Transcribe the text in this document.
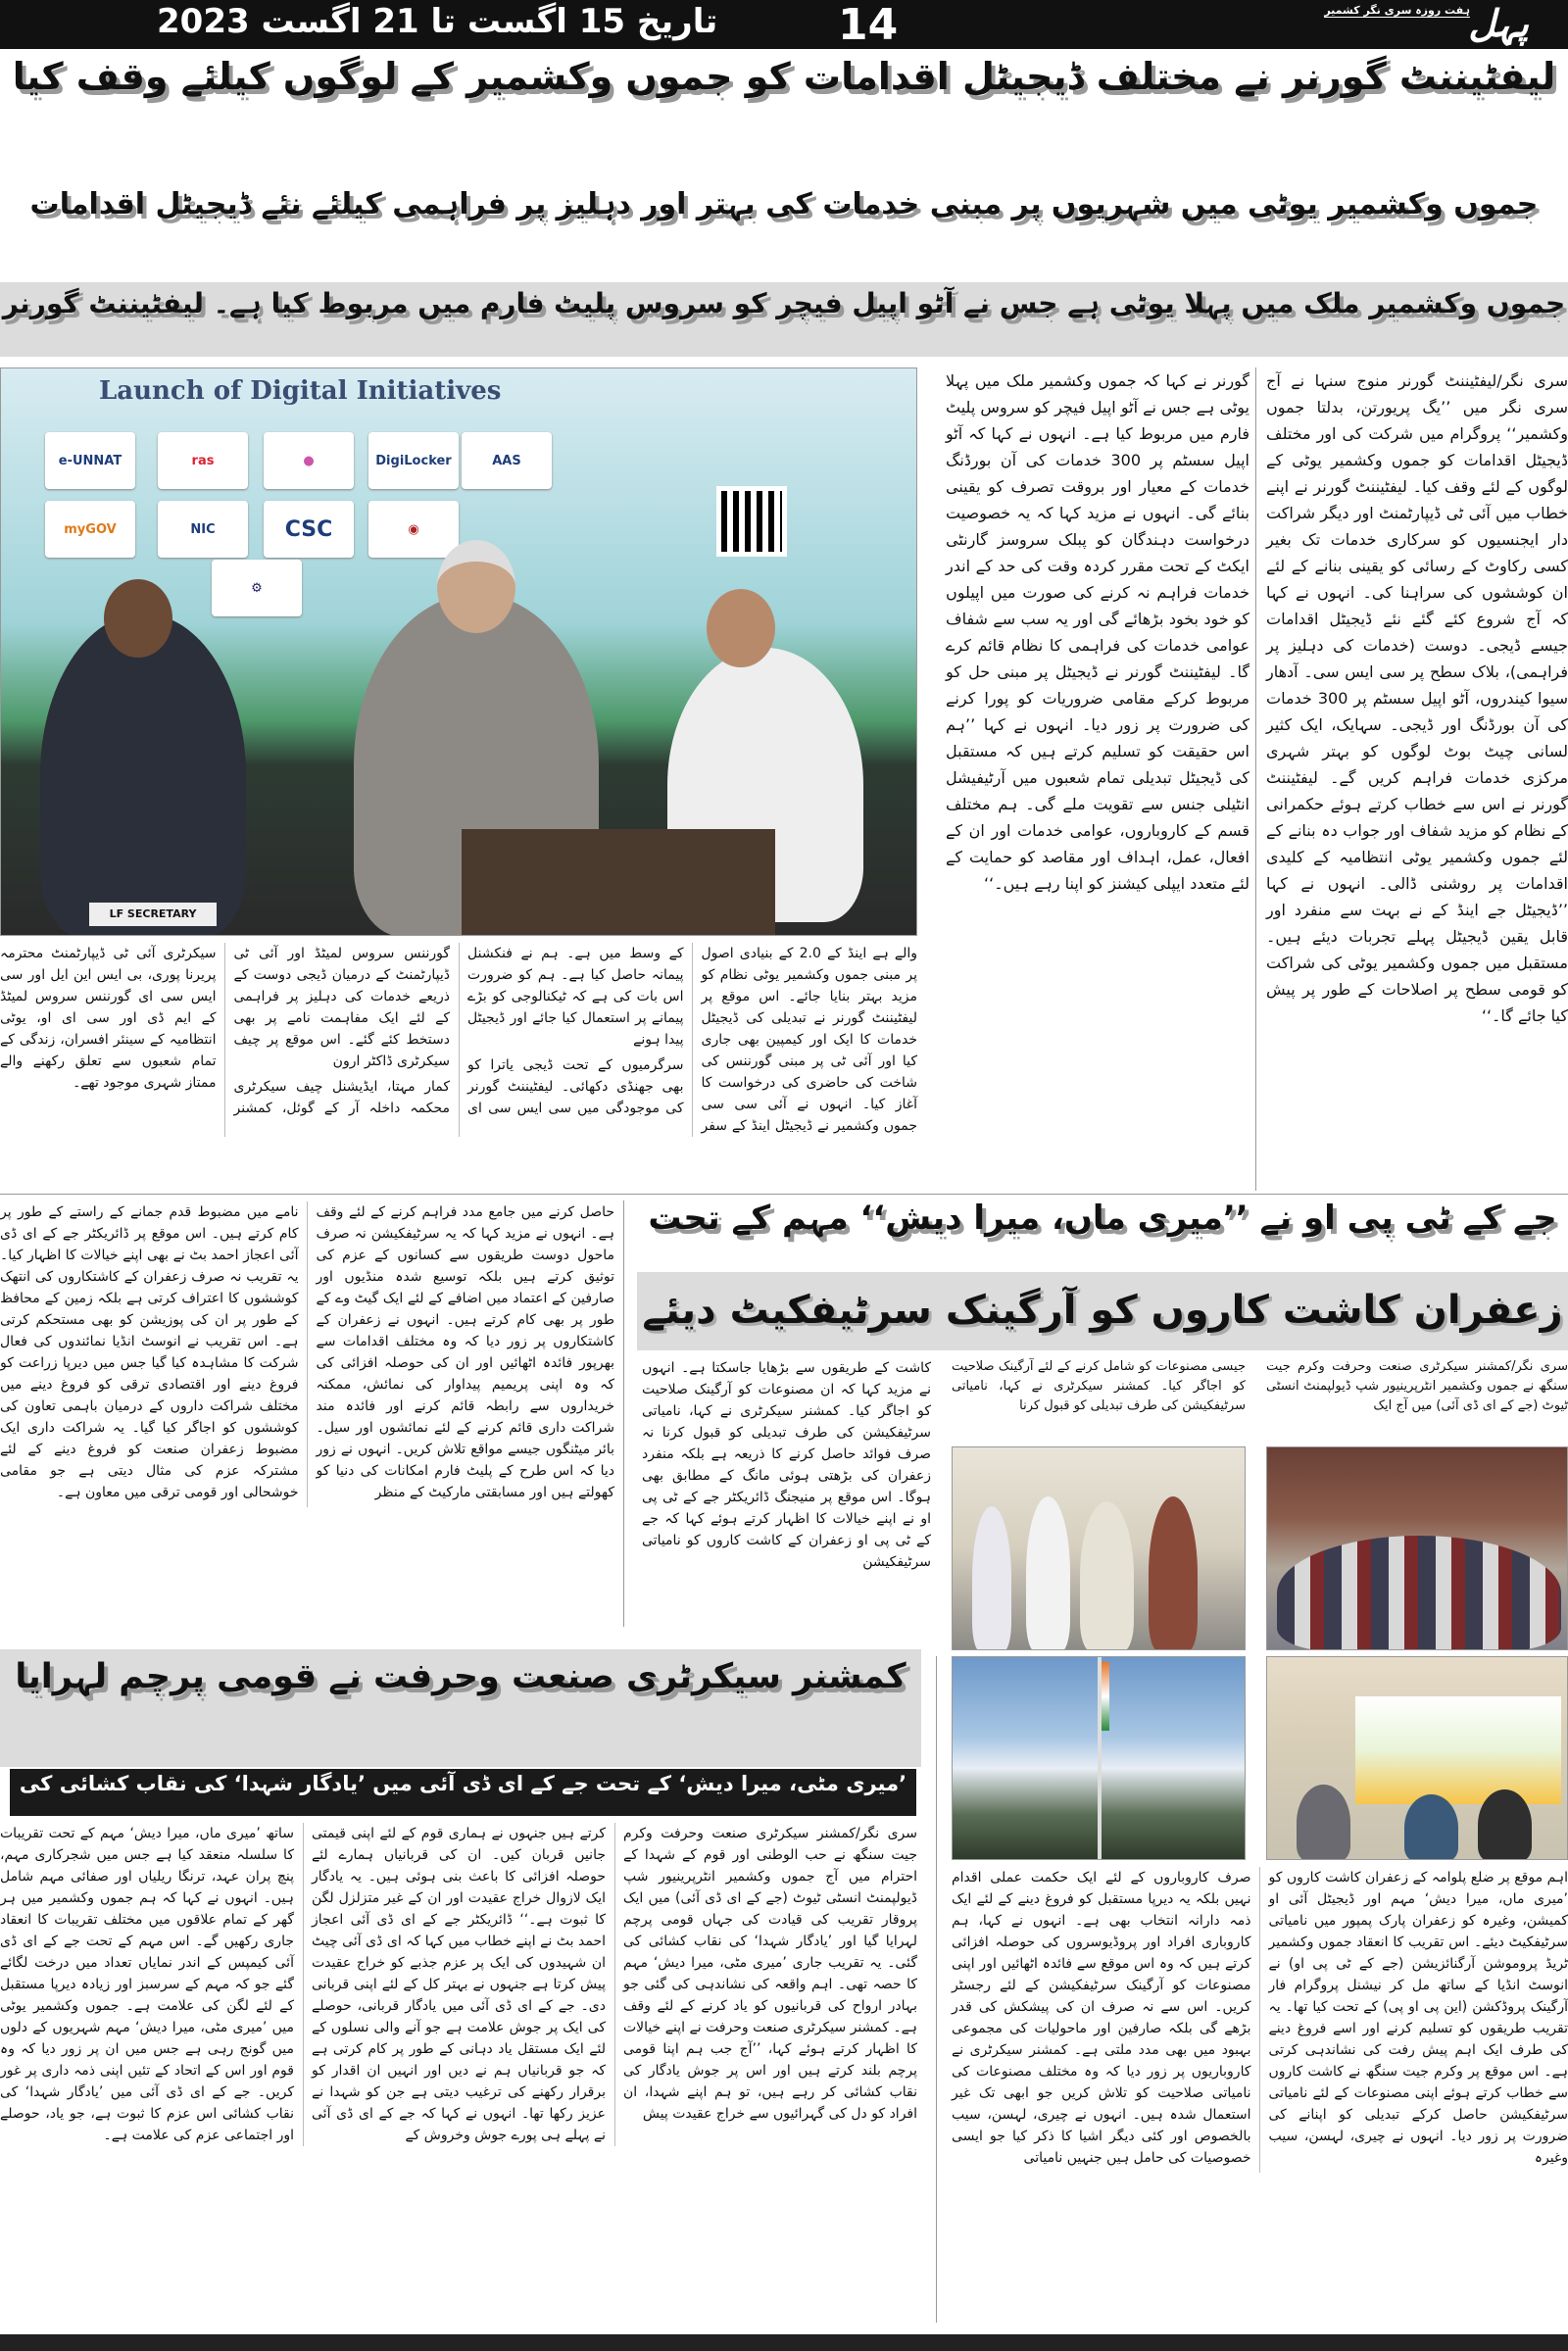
تاریخ 15 اگست تا 21 اگست 2023	14	ہفت روزہ سری نگر کشمیر
پہل
لیفٹیننٹ گورنر نے مختلف ڈیجیٹل اقدامات کو جموں وکشمیر کے لوگوں کیلئے وقف کیا
جموں وکشمیر یوٹی میں شہریوں پر مبنی خدمات کی بہتر اور دہلیز پر فراہمی کیلئے نئے ڈیجیٹل اقدامات
جموں وکشمیر ملک میں پہلا یوٹی ہے جس نے آٹو اپیل فیچر کو سروس پلیٹ فارم میں مربوط کیا ہے۔ لیفٹیننٹ گورنر
Launch of Digital Initiatives
e-UNNAT	ras	●	DigiLocker	AAS
myGOV	NIC	CSC	◉
⚙
LF SECRETARY

سری نگر/لیفٹیننٹ گورنر منوج سنہا نے آج سری نگر میں ’’یگ پریورتن، بدلتا جموں وکشمیر‘‘ پروگرام میں شرکت کی اور مختلف ڈیجیٹل اقدامات کو جموں وکشمیر یوٹی کے لوگوں کے لئے وقف کیا۔ لیفٹیننٹ گورنر نے اپنے خطاب میں آئی ٹی ڈیپارٹمنٹ اور دیگر شراکت دار ایجنسیوں کو سرکاری خدمات تک بغیر کسی رکاوٹ کے رسائی کو یقینی بنانے کے لئے ان کوششوں کی سراہنا کی۔ انہوں نے کہا کہ آج شروع کئے گئے نئے ڈیجیٹل اقدامات جیسے ڈیجی۔ دوست (خدمات کی دہلیز پر فراہمی)، بلاک سطح پر سی ایس سی۔ آدھار سیوا کیندروں، آٹو اپیل سسٹم پر 300 خدمات کی آن بورڈنگ اور ڈیجی۔ سہایک، ایک کثیر لسانی چیٹ بوٹ لوگوں کو بہتر شہری مرکزی خدمات فراہم کریں گے۔ لیفٹیننٹ گورنر نے اس سے خطاب کرتے ہوئے حکمرانی کے نظام کو مزید شفاف اور جواب دہ بنانے کے لئے جموں وکشمیر یوٹی انتظامیہ کے کلیدی اقدامات پر روشنی ڈالی۔ انہوں نے کہا ’’ڈیجیٹل جے اینڈ کے نے بہت سے منفرد اور قابل یقین ڈیجیٹل پہلے تجربات دیئے ہیں۔ مستقبل میں جموں وکشمیر یوٹی کی شراکت کو قومی سطح پر اصلاحات کے طور پر پیش کیا جائے گا۔‘‘

گورنر نے کہا کہ جموں وکشمیر ملک میں پہلا یوٹی ہے جس نے آٹو اپیل فیچر کو سروس پلیٹ فارم میں مربوط کیا ہے۔ انہوں نے کہا کہ آٹو اپیل سسٹم پر 300 خدمات کی آن بورڈنگ خدمات کے معیار اور بروقت تصرف کو یقینی بنائے گی۔ انہوں نے مزید کہا کہ یہ خصوصیت درخواست دہندگان کو پبلک سروسز گارنٹی ایکٹ کے تحت مقرر کردہ وقت کی حد کے اندر خدمات فراہم نہ کرنے کی صورت میں اپیلوں کو خود بخود بڑھائے گی اور یہ سب سے شفاف عوامی خدمات کی فراہمی کا نظام قائم کرے گا۔ لیفٹیننٹ گورنر نے ڈیجیٹل پر مبنی حل کو مربوط کرکے مقامی ضروریات کو پورا کرنے کی ضرورت پر زور دیا۔ انہوں نے کہا ’’ہم اس حقیقت کو تسلیم کرتے ہیں کہ مستقبل کی ڈیجیٹل تبدیلی تمام شعبوں میں آرٹیفیشل انٹیلی جنس سے تقویت ملے گی۔ ہم مختلف قسم کے کاروباروں، عوامی خدمات اور ان کے افعال، عمل، اہداف اور مقاصد کو حمایت کے لئے متعدد ایپلی کیشنز کو اپنا رہے ہیں۔‘‘

والے ہے اینڈ کے 2.0 کے بنیادی اصول پر مبنی جموں وکشمیر یوٹی نظام کو مزید بہتر بنایا جائے۔ اس موقع پر لیفٹیننٹ گورنر نے تبدیلی کی ڈیجیٹل خدمات کا ایک اور کیمپین بھی جاری کیا اور آئی ٹی پر مبنی گورننس کی شاخت کی حاضری کی درخواست کا آغاز کیا۔ انہوں نے آئی سی سی جموں وکشمیر نے ڈیجیٹل اینڈ کے سفر کے وسط میں ہے۔ ہم نے فنکشنل پیمانہ حاصل کیا ہے۔ ہم کو ضرورت اس بات کی ہے کہ ٹیکنالوجی کو بڑے پیمانے پر استعمال کیا جائے اور ڈیجیٹل پیدا ہونے

سرگرمیوں کے تحت ڈیجی یاترا کو بھی جھنڈی دکھائی۔ لیفٹیننٹ گورنر کی موجودگی میں سی ایس سی ای گورننس سروس لمیٹڈ اور آئی ٹی ڈیپارٹمنٹ کے درمیان ڈیجی دوست کے ذریعے خدمات کی دہلیز پر فراہمی کے لئے ایک مفاہمت نامے پر بھی دستخط کئے گئے۔ اس موقع پر چیف سیکرٹری ڈاکٹر ارون

کمار مہتا، ایڈیشنل چیف سیکرٹری محکمہ داخلہ آر کے گوئل، کمشنر سیکرٹری آئی ٹی ڈیپارٹمنٹ محترمہ پریرنا پوری، بی ایس این ایل اور سی ایس سی ای گورننس سروس لمیٹڈ کے ایم ڈی اور سی ای او، یوٹی انتظامیہ کے سینئر افسران، زندگی کے تمام شعبوں سے تعلق رکھنے والے ممتاز شہری موجود تھے۔

جے کے ٹی پی او نے ’’میری ماں، میرا دیش‘‘ مہم کے تحت
زعفران کاشت کاروں کو آرگینک سرٹیفکیٹ دیئے

حاصل کرنے میں جامع مدد فراہم کرنے کے لئے وقف ہے۔ انہوں نے مزید کہا کہ یہ سرٹیفکیشن نہ صرف ماحول دوست طریقوں سے کسانوں کے عزم کی توثیق کرتے ہیں بلکہ توسیع شدہ منڈیوں اور صارفین کے اعتماد میں اضافے کے لئے ایک گیٹ وے کے طور پر بھی کام کرتے ہیں۔ انہوں نے زعفران کے کاشتکاروں پر زور دیا کہ وہ مختلف اقدامات سے بھرپور فائدہ اٹھائیں اور ان کی حوصلہ افزائی کی کہ وہ اپنی پریمیم پیداوار کی نمائش، ممکنہ خریداروں سے رابطہ قائم کرنے اور فائدہ مند شراکت داری قائم کرنے کے لئے نمائشوں اور سیل۔ بائر میٹنگوں جیسے مواقع تلاش کریں۔ انہوں نے زور دیا کہ اس طرح کے پلیٹ فارم امکانات کی دنیا کو کھولتے ہیں اور مسابقتی مارکیٹ کے منظر

نامے میں مضبوط قدم جمانے کے راستے کے طور پر کام کرتے ہیں۔ اس موقع پر ڈائریکٹر جے کے ای ڈی آئی اعجاز احمد بٹ نے بھی اپنے خیالات کا اظہار کیا۔ یہ تقریب نہ صرف زعفران کے کاشتکاروں کی انتھک کوششوں کا اعتراف کرتی ہے بلکہ زمین کے محافظ کے طور پر ان کی پوزیشن کو بھی مستحکم کرتی ہے۔ اس تقریب نے انوسٹ انڈیا نمائندوں کی فعال شرکت کا مشاہدہ کیا گیا جس میں دیرپا زراعت کو فروغ دینے اور اقتصادی ترقی کو فروغ دینے میں مختلف شراکت داروں کے درمیان باہمی تعاون کی کوششوں کو اجاگر کیا گیا۔ یہ شراکت داری ایک مضبوط زعفران صنعت کو فروغ دینے کے لئے مشترکہ عزم کی مثال دیتی ہے جو مقامی خوشحالی اور قومی ترقی میں معاون ہے۔

کاشت کے طریقوں سے بڑھایا جاسکتا ہے۔ انہوں نے مزید کہا کہ ان مصنوعات کو آرگینک صلاحیت کو اجاگر کیا۔ کمشنر سیکرٹری نے کہا، نامیاتی سرٹیفکیشن کی طرف تبدیلی کو قبول کرنا نہ صرف فوائد حاصل کرنے کا ذریعہ ہے بلکہ منفرد زعفران کی بڑھتی ہوئی مانگ کے مطابق بھی ہوگا۔ اس موقع پر منیجنگ ڈائریکٹر جے کے ٹی پی او نے اپنے خیالات کا اظہار کرتے ہوئے کہا کہ جے کے ٹی پی او زعفران کے کاشت کاروں کو نامیاتی سرٹیفکیشن

جیسی مصنوعات کو شامل کرنے کے لئے آرگینک صلاحیت کو اجاگر کیا۔ کمشنر سیکرٹری نے کہا، نامیاتی سرٹیفکیشن کی طرف تبدیلی کو قبول کرنا

سری نگر/کمشنر سیکرٹری صنعت وحرفت وکرم جیت سنگھ نے جموں وکشمیر انٹرپرینیور شپ ڈیولپمنٹ انسٹی ٹیوٹ (جے کے ای ڈی آئی) میں آج ایک

کمشنر سیکرٹری صنعت وحرفت نے قومی پرچم لہرایا
’میری مٹی، میرا دیش‘ کے تحت جے کے ای ڈی آئی میں ’یادگار شہدا‘ کی نقاب کشائی کی

سری نگر/کمشنر سیکرٹری صنعت وحرفت وکرم جیت سنگھ نے حب الوطنی اور قوم کے شہدا کے احترام میں آج جموں وکشمیر انٹرپرینیور شپ ڈیولپمنٹ انسٹی ٹیوٹ (جے کے ای ڈی آئی) میں ایک پروقار تقریب کی قیادت کی جہاں قومی پرچم لہرایا گیا اور ’یادگار شہدا‘ کی نقاب کشائی کی گئی۔ یہ تقریب جاری ’میری مٹی، میرا دیش‘ مہم کا حصہ تھی۔ اہم واقعہ کی نشاندہی کی گئی جو بہادر ارواح کی قربانیوں کو یاد کرنے کے لئے وقف ہے۔ کمشنر سیکرٹری صنعت وحرفت نے اپنے خیالات کا اظہار کرتے ہوئے کہا، ’’آج جب ہم اپنا قومی پرچم بلند کرتے ہیں اور اس پر جوش یادگار کی نقاب کشائی کر رہے ہیں، تو ہم اپنے شہدا، ان افراد کو دل کی گہرائیوں سے خراج عقیدت پیش

کرتے ہیں جنہوں نے ہماری قوم کے لئے اپنی قیمتی جانیں قربان کیں۔ ان کی قربانیاں ہمارے لئے حوصلہ افزائی کا باعث بنی ہوئی ہیں۔ یہ یادگار ایک لازوال خراج عقیدت اور ان کے غیر متزلزل لگن کا ثبوت ہے۔‘‘ ڈائریکٹر جے کے ای ڈی آئی اعجاز احمد بٹ نے اپنے خطاب میں کہا کہ ای ڈی آئی چیٹ ان شہیدوں کی ایک پر عزم جذبے کو خراج عقیدت پیش کرتا ہے جنہوں نے بہتر کل کے لئے اپنی قربانی دی۔ جے کے ای ڈی آئی میں یادگار قربانی، حوصلے کی ایک پر جوش علامت ہے جو آنے والی نسلوں کے لئے ایک مستقل یاد دہانی کے طور پر کام کرتی ہے کہ جو قربانیاں ہم نے دیں اور انہیں ان اقدار کو برقرار رکھنے کی ترغیب دیتی ہے جن کو شہدا نے عزیز رکھا تھا۔ انہوں نے کہا کہ جے کے ای ڈی آئی نے پہلے ہی پورے جوش وخروش کے

ساتھ ’میری ماں، میرا دیش‘ مہم کے تحت تقریبات کا سلسلہ منعقد کیا ہے جس میں شجرکاری مہم، پنچ پران عہد، ترنگا ریلیاں اور صفائی مہم شامل ہیں۔ انہوں نے کہا کہ ہم جموں وکشمیر میں ہر گھر کے تمام علاقوں میں مختلف تقریبات کا انعقاد جاری رکھیں گے۔ اس مہم کے تحت جے کے ای ڈی آئی کیمپس کے اندر نمایاں تعداد میں درخت لگائے گئے جو کہ مہم کے سرسبز اور زیادہ دیرپا مستقبل کے لئے لگن کی علامت ہے۔ جموں وکشمیر یوٹی میں ’میری مٹی، میرا دیش‘ مہم شہریوں کے دلوں میں گونج رہی ہے جس میں ان پر زور دیا کہ وہ قوم اور اس کے اتحاد کے تئیں اپنی ذمہ داری پر غور کریں۔ جے کے ای ڈی آئی میں ’یادگار شہدا‘ کی نقاب کشائی اس عزم کا ثبوت ہے، جو یاد، حوصلے اور اجتماعی عزم کی علامت ہے۔

اہم موقع پر ضلع پلوامہ کے زعفران کاشت کاروں کو ’میری ماں، میرا دیش‘ مہم اور ڈیجیٹل آئی او کمیشن، وغیرہ کو زعفران پارک پمپور میں نامیاتی سرٹیفکیٹ دیئے۔ اس تقریب کا انعقاد جموں وکشمیر ٹریڈ پروموشن آرگنائزیشن (جے کے ٹی پی او) نے انوسٹ انڈیا کے ساتھ مل کر نیشنل پروگرام فار آرگینک پروڈکشن (این پی او پی) کے تحت کیا تھا۔ یہ تقریب طریقوں کو تسلیم کرنے اور اسے فروغ دینے کی طرف ایک اہم پیش رفت کی نشاندہی کرتی ہے۔ اس موقع پر وکرم جیت سنگھ نے کاشت کاروں سے خطاب کرتے ہوئے اپنی مصنوعات کے لئے نامیاتی سرٹیفکیشن حاصل کرکے تبدیلی کو اپنانے کی ضرورت پر زور دیا۔ انہوں نے چیری، لہسن، سیب وغیرہ

صرف کاروباروں کے لئے ایک حکمت عملی اقدام نہیں بلکہ یہ دیرپا مستقبل کو فروغ دینے کے لئے ایک ذمہ دارانہ انتخاب بھی ہے۔ انہوں نے کہا، ہم کاروباری افراد اور پروڈیوسروں کی حوصلہ افزائی کرتے ہیں کہ وہ اس موقع سے فائدہ اٹھائیں اور اپنی مصنوعات کو آرگینک سرٹیفکیشن کے لئے رجسٹر کریں۔ اس سے نہ صرف ان کی پیشکش کی قدر بڑھے گی بلکہ صارفین اور ماحولیات کی مجموعی بہبود میں بھی مدد ملتی ہے۔ کمشنر سیکرٹری نے کاروباریوں پر زور دیا کہ وہ مختلف مصنوعات کی نامیاتی صلاحیت کو تلاش کریں جو ابھی تک غیر استعمال شدہ ہیں۔ انہوں نے چیری، لہسن، سیب بالخصوص اور کئی دیگر اشیا کا ذکر کیا جو ایسی خصوصیات کی حامل ہیں جنہیں نامیاتی
